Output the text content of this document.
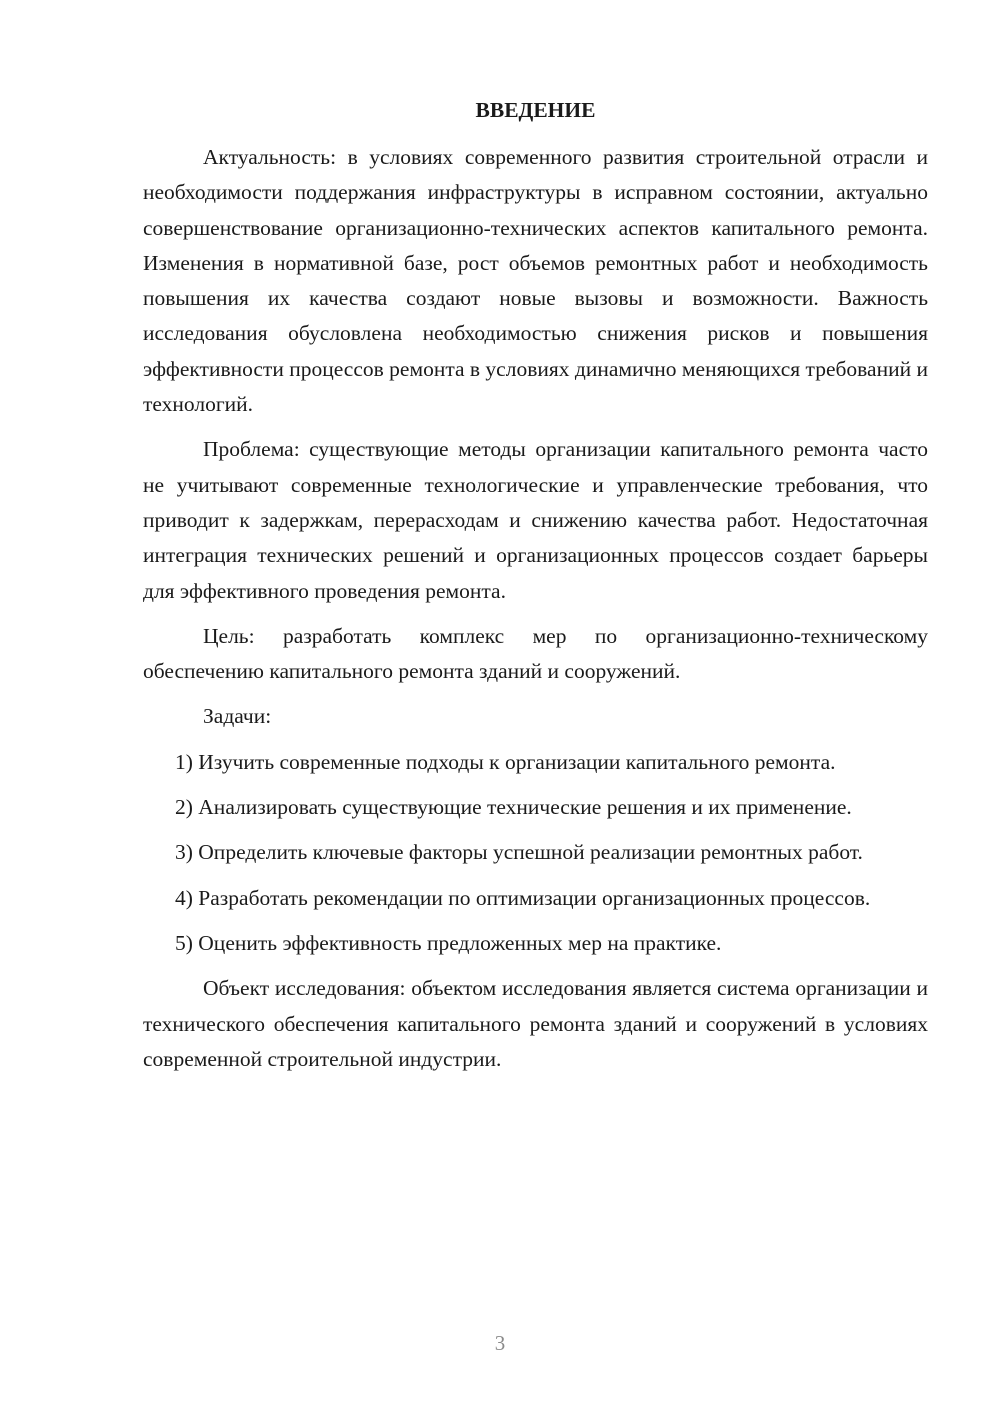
ВВЕДЕНИЕ

Актуальность: в условиях современного развития строительной отрасли и необходимости поддержания инфраструктуры в исправном состоянии, актуально совершенствование организационно-технических аспектов капитального ремонта. Изменения в нормативной базе, рост объемов ремонтных работ и необходимость повышения их качества создают новые вызовы и возможности. Важность исследования обусловлена необходимостью снижения рисков и повышения эффективности процессов ремонта в условиях динамично меняющихся требований и технологий.

Проблема: существующие методы организации капитального ремонта часто не учитывают современные технологические и управленческие требования, что приводит к задержкам, перерасходам и снижению качества работ. Недостаточная интеграция технических решений и организационных процессов создает барьеры для эффективного проведения ремонта.

Цель: разработать комплекс мер по организационно-техническому обеспечению капитального ремонта зданий и сооружений.

Задачи:

1) Изучить современные подходы к организации капитального ремонта.

2) Анализировать существующие технические решения и их применение.

3) Определить ключевые факторы успешной реализации ремонтных работ.

4) Разработать рекомендации по оптимизации организационных процессов.

5) Оценить эффективность предложенных мер на практике.

Объект исследования: объектом исследования является система организации и технического обеспечения капитального ремонта зданий и сооружений в условиях современной строительной индустрии.

3
